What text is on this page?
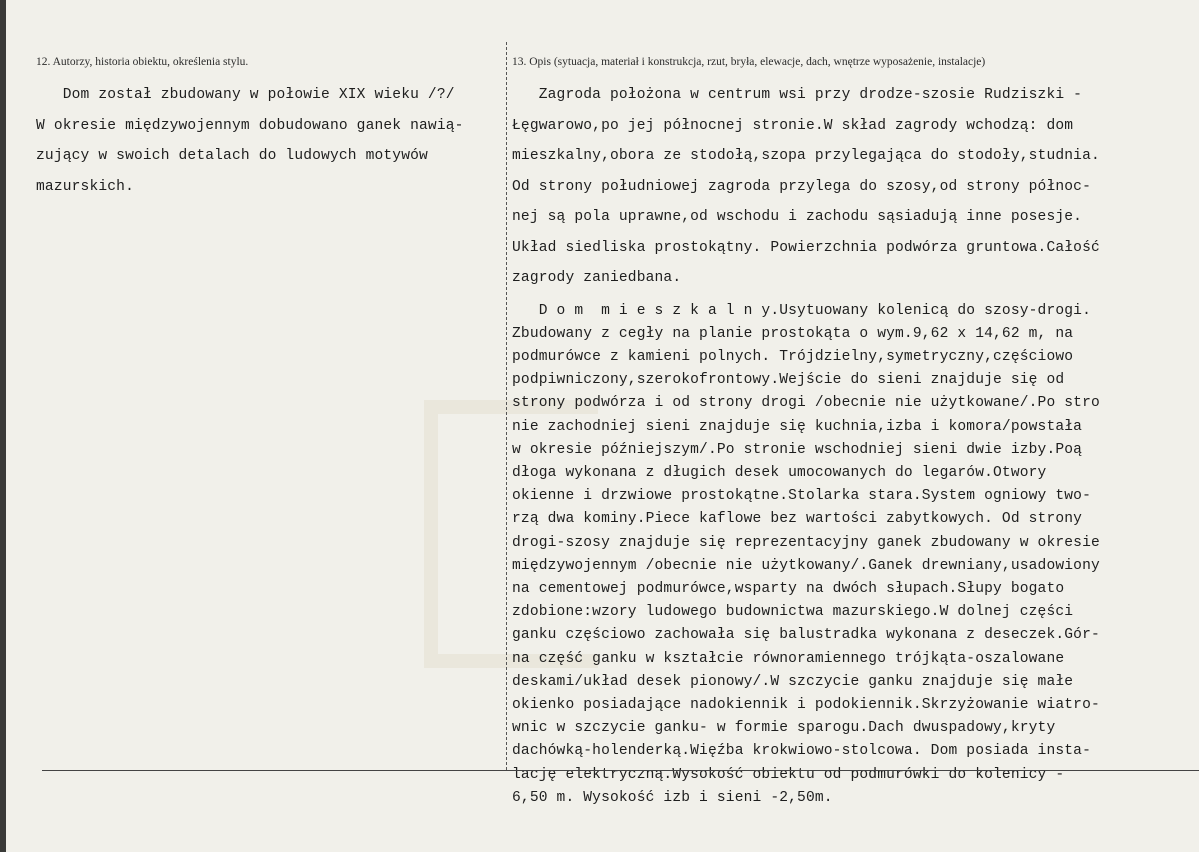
12. Autorzy, historia obiektu, określenia stylu.

Dom został zbudowany w połowie XIX wieku /?/
W okresie międzywojennym dobudowano ganek nawią-
zujący w swoich detalach do ludowych motywów
mazurskich.

13. Opis (sytuacja, materiał i konstrukcja, rzut, bryła, elewacje, dach, wnętrze wyposażenie, instalacje)

Zagroda położona w centrum wsi przy drodze-szosie Rudziszki -
Łęgwarowo,po jej północnej stronie.W skład zagrody wchodzą: dom
mieszkalny,obora ze stodołą,szopa przylegająca do stodoły,studnia.
Od strony południowej zagroda przylega do szosy,od strony północ-
nej są pola uprawne,od wschodu i zachodu sąsiadują inne posesje.
Układ siedliska prostokątny. Powierzchnia podwórza gruntowa.Całość
zagrody zaniedbana.

D o m  m i e s z k a l n y.Usytuowany kolenicą do szosy-drogi.
Zbudowany z cegły na planie prostokąta o wym.9,62 x 14,62 m, na
podmurówce z kamieni polnych. Trójdzielny,symetryczny,częściowo
podpiwniczony,szerokofrontowy.Wejście do sieni znajduje się od
strony podwórza i od strony drogi /obecnie nie użytkowane/.Po stro
nie zachodniej sieni znajduje się kuchnia,izba i komora/powstała
w okresie późniejszym/.Po stronie wschodniej sieni dwie izby.Poą
dłoga wykonana z długich desek umocowanych do legarów.Otwory
okienne i drzwiowe prostokątne.Stolarka stara.System ogniowy two-
rzą dwa kominy.Piece kaflowe bez wartości zabytkowych. Od strony
drogi-szosy znajduje się reprezentacyjny ganek zbudowany w okresie
międzywojennym /obecnie nie użytkowany/.Ganek drewniany,usadowiony
na cementowej podmurówce,wsparty na dwóch słupach.Słupy bogato
zdobione:wzory ludowego budownictwa mazurskiego.W dolnej części
ganku częściowo zachowała się balustradka wykonana z deseczek.Gór-
na część ganku w kształcie równoramiennego trójkąta-oszalowane
deskami/układ desek pionowy/.W szczycie ganku znajduje się małe
okienko posiadające nadokiennik i podokiennik.Skrzyżowanie wiatro-
wnic w szczycie ganku- w formie sparogu.Dach dwuspadowy,kryty
dachówką-holenderką.Więźba krokwiowo-stolcowa. Dom posiada insta-
lację elektryczną.Wysokość obiektu od podmurówki do kolenicy -
6,50 m. Wysokość izb i sieni -2,50m.
